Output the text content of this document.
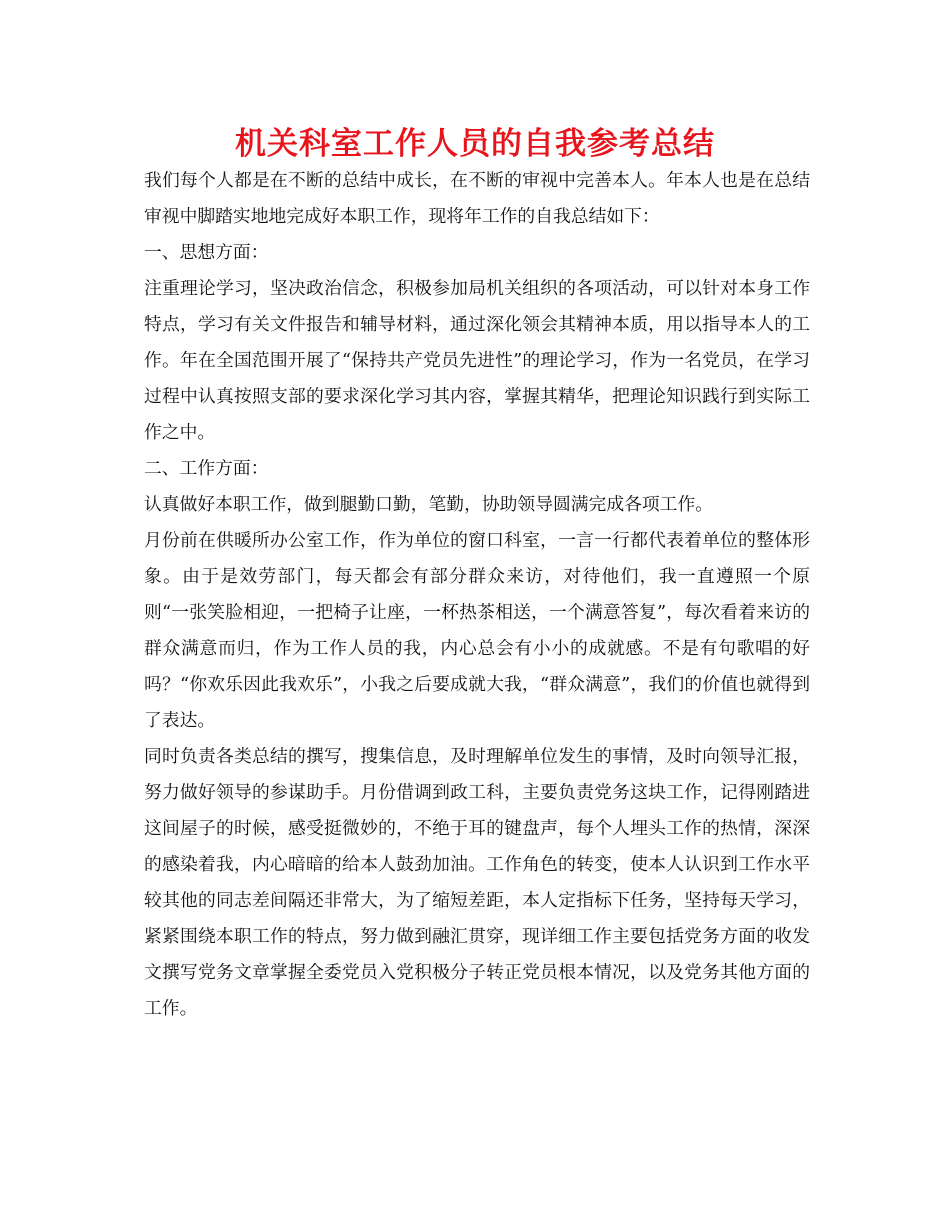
机关科室工作人员的自我参考总结

我们每个人都是在不断的总结中成长，在不断的审视中完善本人。年本人也是在总结审视中脚踏实地地完成好本职工作，现将年工作的自我总结如下：

一、思想方面：

注重理论学习，坚决政治信念，积极参加局机关组织的各项活动，可以针对本身工作特点，学习有关文件报告和辅导材料，通过深化领会其精神本质，用以指导本人的工作。年在全国范围开展了“保持共产党员先进性”的理论学习，作为一名党员，在学习过程中认真按照支部的要求深化学习其内容，掌握其精华，把理论知识践行到实际工作之中。

二、工作方面：

认真做好本职工作，做到腿勤口勤，笔勤，协助领导圆满完成各项工作。

月份前在供暖所办公室工作，作为单位的窗口科室，一言一行都代表着单位的整体形象。由于是效劳部门，每天都会有部分群众来访，对待他们，我一直遵照一个原则“一张笑脸相迎，一把椅子让座，一杯热茶相送，一个满意答复”，每次看着来访的群众满意而归，作为工作人员的我，内心总会有小小的成就感。不是有句歌唱的好吗？“你欢乐因此我欢乐”，小我之后要成就大我，“群众满意”，我们的价值也就得到了表达。

同时负责各类总结的撰写，搜集信息，及时理解单位发生的事情，及时向领导汇报，努力做好领导的参谋助手。月份借调到政工科，主要负责党务这块工作，记得刚踏进这间屋子的时候，感受挺微妙的，不绝于耳的键盘声，每个人埋头工作的热情，深深的感染着我，内心暗暗的给本人鼓劲加油。工作角色的转变，使本人认识到工作水平较其他的同志差间隔还非常大，为了缩短差距，本人定指标下任务，坚持每天学习，紧紧围绕本职工作的特点，努力做到融汇贯穿，现详细工作主要包括党务方面的收发文撰写党务文章掌握全委党员入党积极分子转正党员根本情况，以及党务其他方面的工作。
